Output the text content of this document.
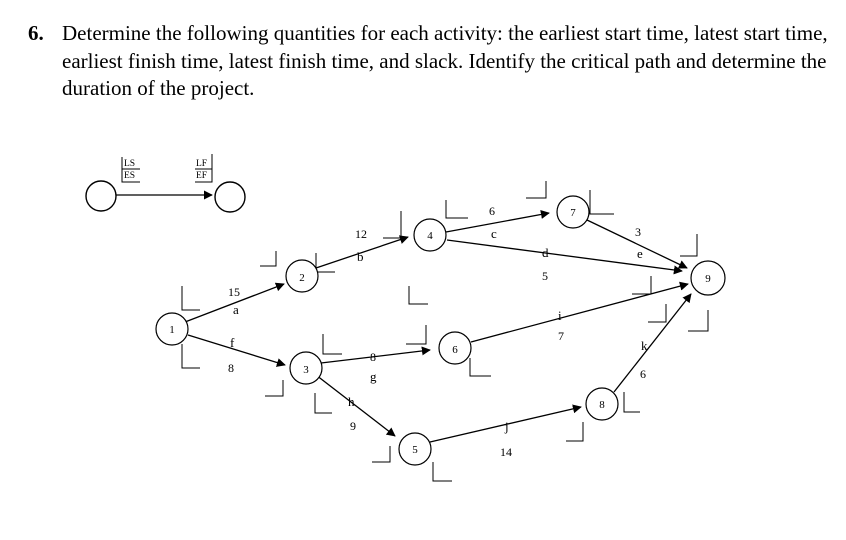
6. Determine the following quantities for each activity: the earliest start time, latest start time, earliest finish time, latest finish time, and slack. Identify the critical path and determine the duration of the project.
LS
ES
LF
EF
1
2
3
4
5
6
7
8
9
a
f
b
g
h
c
d
i
j
e
k
15
8
12
8
9
6
5
7
14
3
6
